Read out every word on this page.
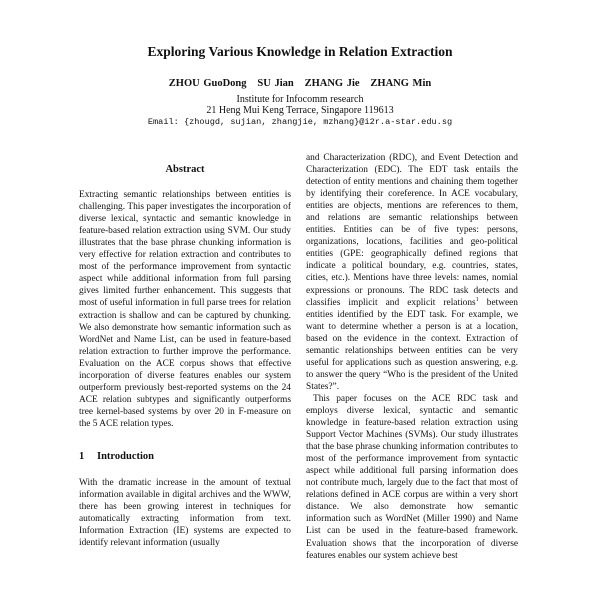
Exploring Various Knowledge in Relation Extraction
ZHOU GuoDong   SU Jian   ZHANG Jie   ZHANG Min
Institute for Infocomm research
21 Heng Mui Keng Terrace, Singapore 119613
Email: {zhougd, sujian, zhangjie, mzhang}@i2r.a-star.edu.sg
Abstract

Extracting semantic relationships between entities is challenging. This paper investigates the incorporation of diverse lexical, syntactic and semantic knowledge in feature-based relation extraction using SVM. Our study illustrates that the base phrase chunking information is very effective for relation extraction and contributes to most of the performance improvement from syntactic aspect while additional information from full parsing gives limited further enhancement. This suggests that most of useful information in full parse trees for relation extraction is shallow and can be captured by chunking. We also demonstrate how semantic information such as WordNet and Name List, can be used in feature-based relation extraction to further improve the performance. Evaluation on the ACE corpus shows that effective incorporation of diverse features enables our system outperform previously best-reported systems on the 24 ACE relation subtypes and significantly outperforms tree kernel-based systems by over 20 in F-measure on the 5 ACE relation types.

1 Introduction

With the dramatic increase in the amount of textual information available in digital archives and the WWW, there has been growing interest in techniques for automatically extracting information from text. Information Extraction (IE) systems are expected to identify relevant information (usually

and Characterization (RDC), and Event Detection and Characterization (EDC). The EDT task entails the detection of entity mentions and chaining them together by identifying their coreference. In ACE vocabulary, entities are objects, mentions are references to them, and relations are semantic relationships between entities. Entities can be of five types: persons, organizations, locations, facilities and geo-political entities (GPE: geographically defined regions that indicate a political boundary, e.g. countries, states, cities, etc.). Mentions have three levels: names, nomial expressions or pronouns. The RDC task detects and classifies implicit and explicit relations$^1$ between entities identified by the EDT task. For example, we want to determine whether a person is at a location, based on the evidence in the context. Extraction of semantic relationships between entities can be very useful for applications such as question answering, e.g. to answer the query “Who is the president of the United States?”.

This paper focuses on the ACE RDC task and employs diverse lexical, syntactic and semantic knowledge in feature-based relation extraction using Support Vector Machines (SVMs). Our study illustrates that the base phrase chunking information contributes to most of the performance improvement from syntactic aspect while additional full parsing information does not contribute much, largely due to the fact that most of relations defined in ACE corpus are within a very short distance. We also demonstrate how semantic information such as WordNet (Miller 1990) and Name List can be used in the feature-based framework. Evaluation shows that the incorporation of diverse features enables our system achieve best
